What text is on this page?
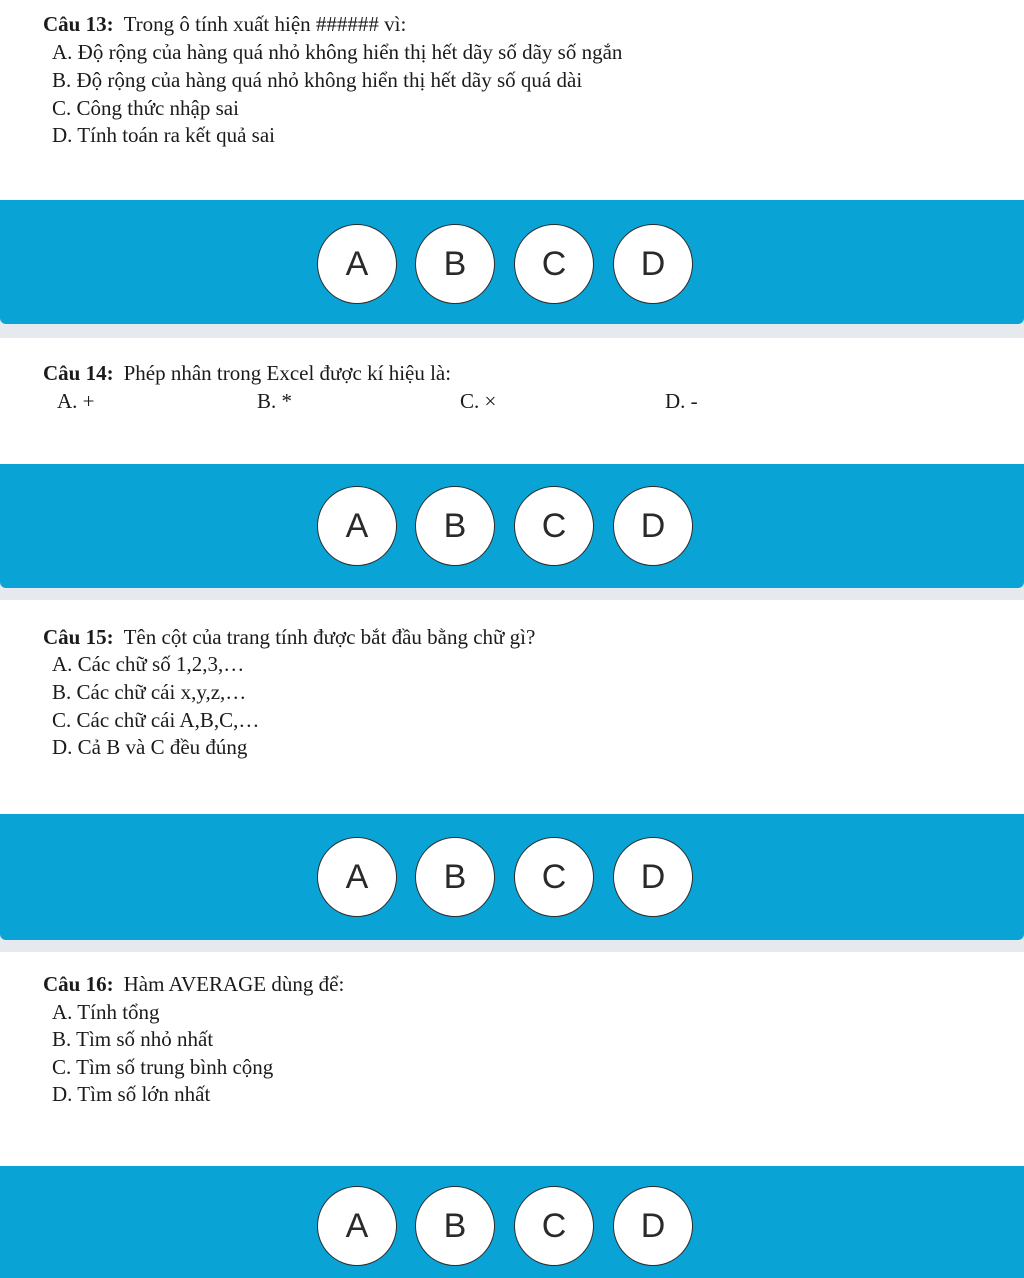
Câu 13: Trong ô tính xuất hiện ###### vì:
A. Độ rộng của hàng quá nhỏ không hiển thị hết dãy số dãy số ngắn
B. Độ rộng của hàng quá nhỏ không hiển thị hết dãy số quá dài
C. Công thức nhập sai
D. Tính toán ra kết quả sai
A	B	C	D
Câu 14: Phép nhân trong Excel được kí hiệu là:
A. +	B. *	C. ×	D. -
A	B	C	D
Câu 15: Tên cột của trang tính được bắt đầu bằng chữ gì?
A. Các chữ số 1,2,3,…
B. Các chữ cái x,y,z,…
C. Các chữ cái A,B,C,…
D. Cả B và C đều đúng
A	B	C	D
Câu 16: Hàm AVERAGE dùng để:
A. Tính tổng
B. Tìm số nhỏ nhất
C. Tìm số trung bình cộng
D. Tìm số lớn nhất
A	B	C	D
